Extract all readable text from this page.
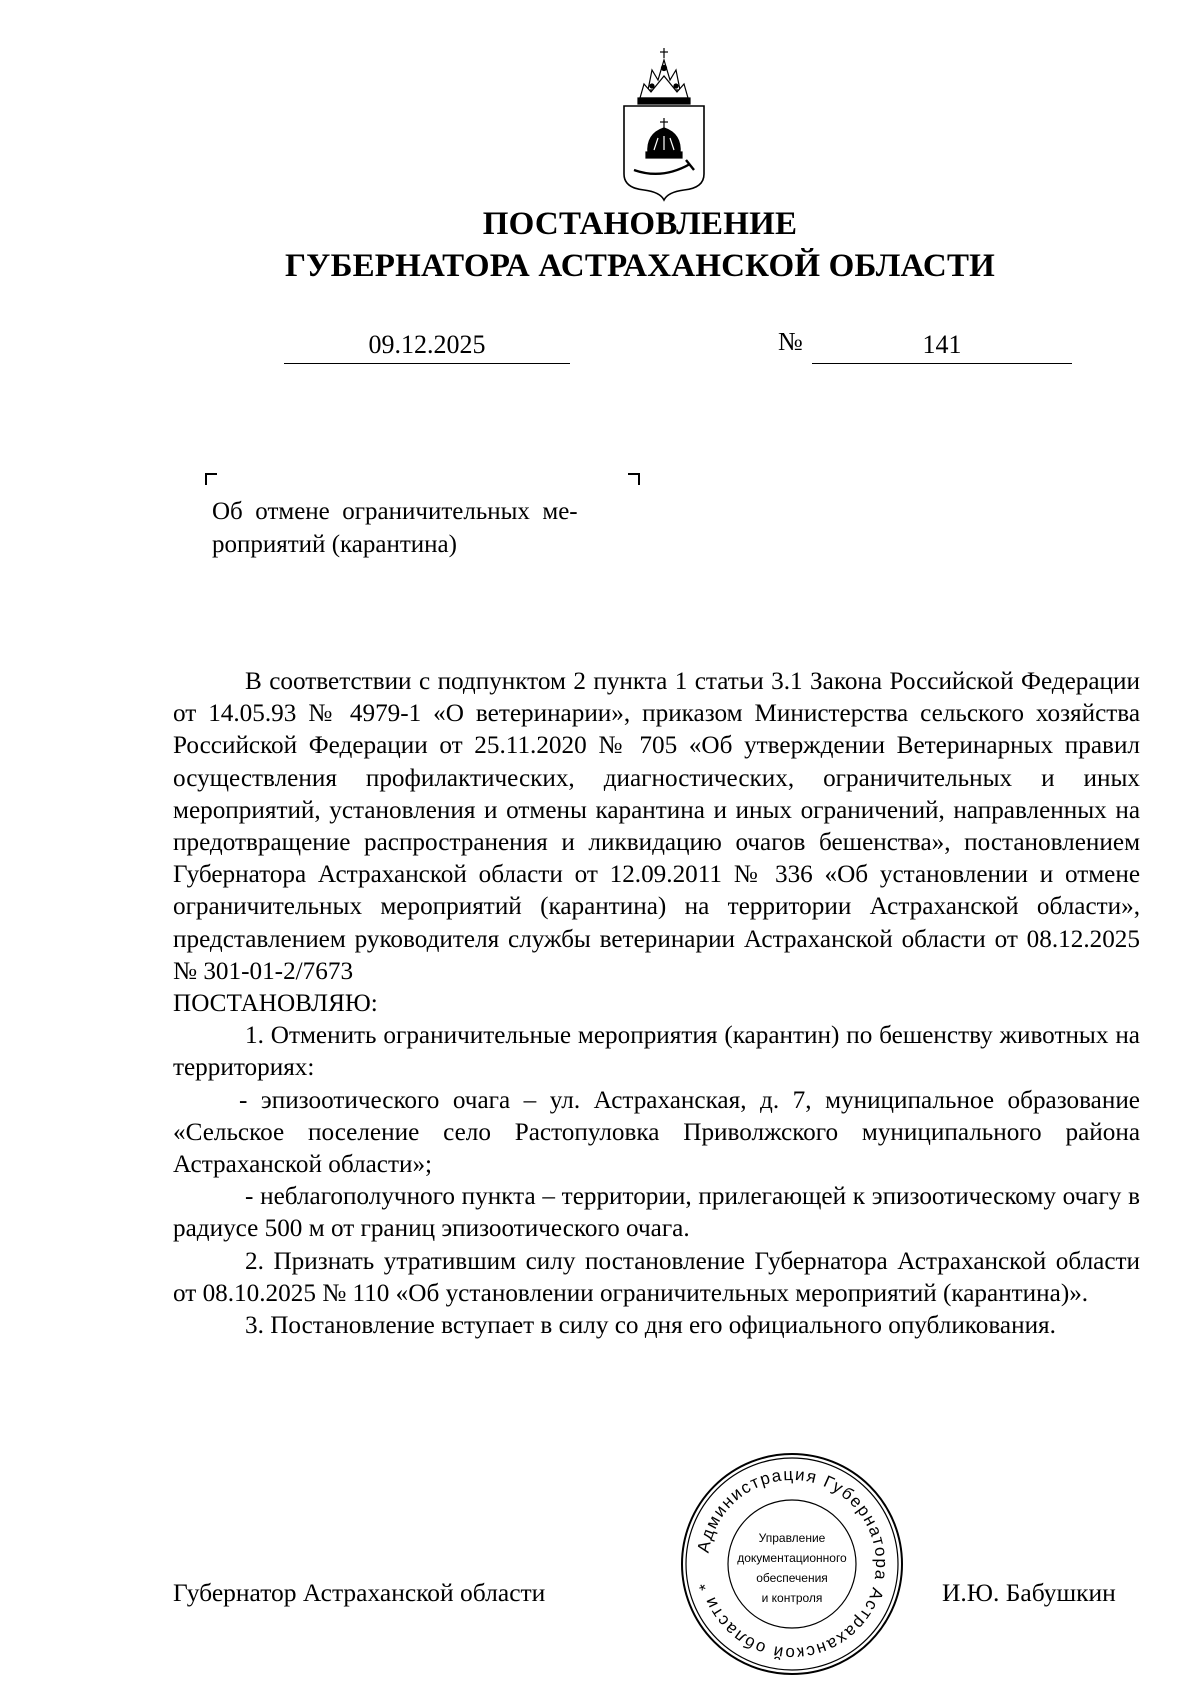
ПОСТАНОВЛЕНИЕ
ГУБЕРНАТОРА АСТРАХАНСКОЙ ОБЛАСТИ
09.12.2025	№	141
Об  отмене  ограничительных  ме-
роприятий (карантина)

В соответствии с подпунктом 2 пункта 1 статьи 3.1 Закона Российской Федерации от 14.05.93 № 4979-1 «О ветеринарии», приказом Министерства сельского хозяйства Российской Федерации от 25.11.2020 № 705 «Об утверждении Ветеринарных правил осуществления профилактических, диагностических, ограничительных и иных мероприятий, установления и отмены карантина и иных ограничений, направленных на предотвращение распространения и ликвидацию очагов бешенства», постановлением Губернатора Астраханской области от 12.09.2011 № 336 «Об установлении и отмене ограничительных мероприятий (карантина) на территории Астраханской области», представлением руководителя службы ветеринарии Астраханской области от 08.12.2025 № 301-01-2/7673

ПОСТАНОВЛЯЮ:

1. Отменить ограничительные мероприятия (карантин) по бешенству животных на территориях:

- эпизоотического очага – ул. Астраханская, д. 7, муниципальное образование «Сельское поселение село Растопуловка Приволжского муниципального района Астраханской области»;

- неблагополучного пункта – территории, прилегающей к эпизоотическому очагу в радиусе 500 м от границ эпизоотического очага.

2. Признать утратившим силу постановление Губернатора Астраханской области от 08.10.2025 № 110 «Об установлении ограничительных мероприятий (карантина)».

3. Постановление вступает в силу со дня его официального опубликования.

Губернатор Астраханской области	И.Ю. Бабушкин
Администрация Губернатора Астраханской области *
Управление
документационного
обеспечения
и контроля
